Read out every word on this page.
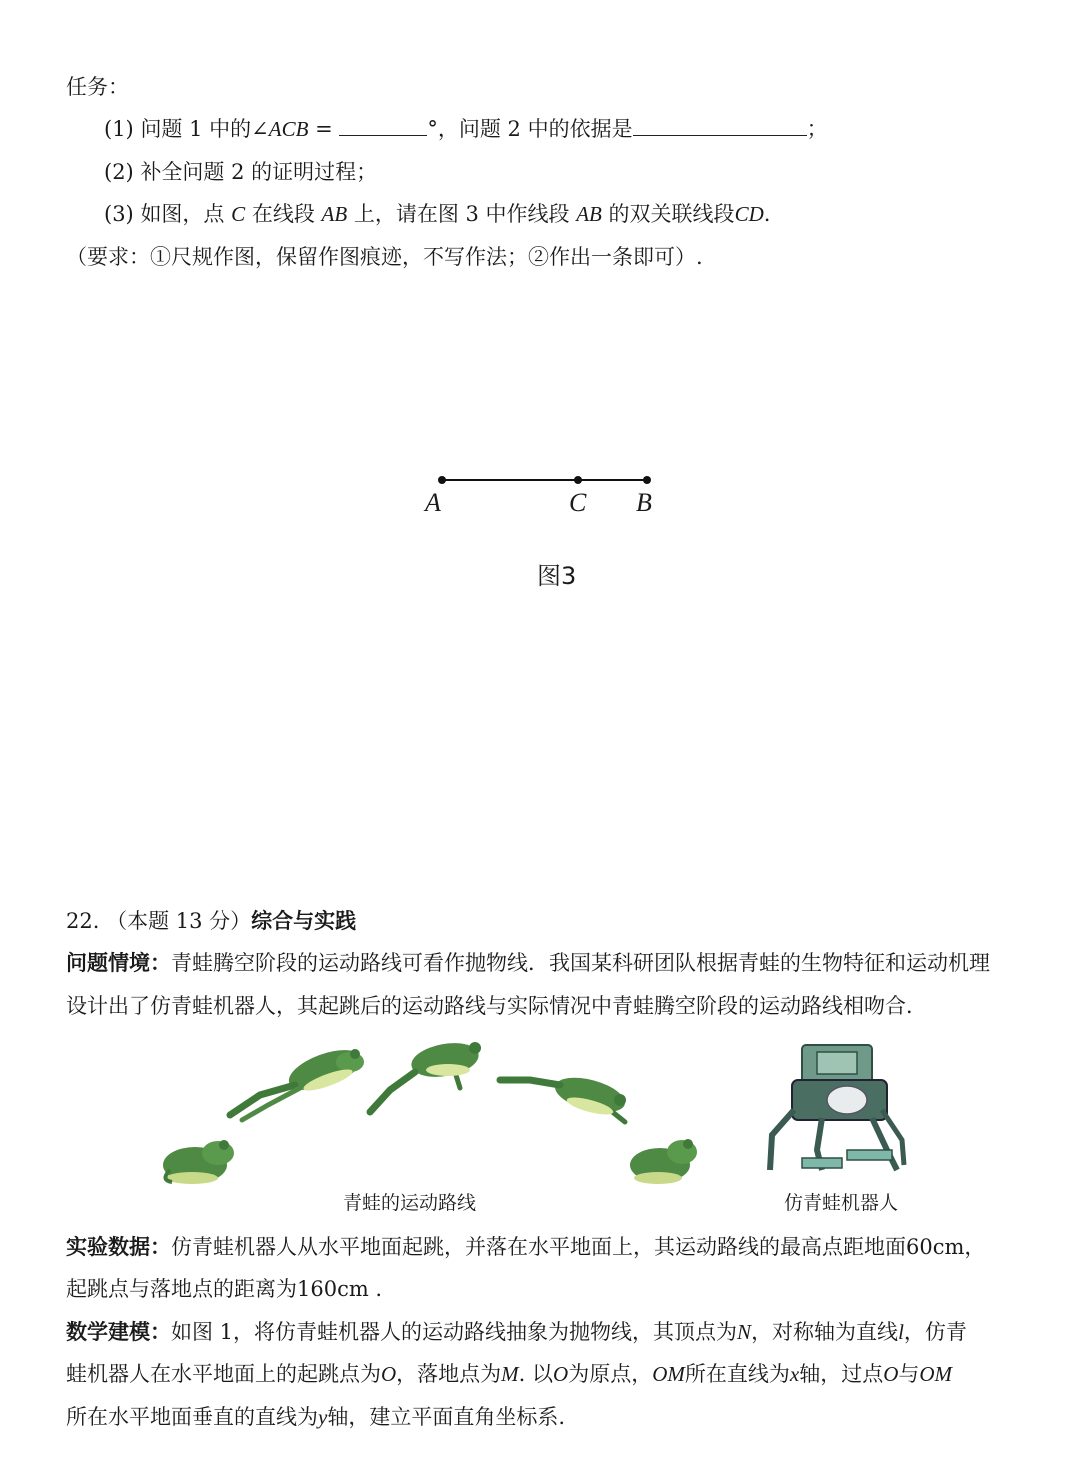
任务：
(1) 问题 1 中的∠ACB =	°，问题 2 中的依据是	；
(2) 补全问题 2 的证明过程；
(3) 如图，点 C 在线段 AB 上，请在图 3 中作线段 AB 的双关联线段CD.
（要求：①尺规作图，保留作图痕迹，不写作法；②作出一条即可）.
A	C B
图3
22. （本题 13 分）综合与实践
问题情境：青蛙腾空阶段的运动路线可看作抛物线．我国某科研团队根据青蛙的生物特征和运动机理
设计出了仿青蛙机器人，其起跳后的运动路线与实际情况中青蛙腾空阶段的运动路线相吻合．
青蛙的运动路线	仿青蛙机器人
实验数据：仿青蛙机器人从水平地面起跳，并落在水平地面上，其运动路线的最高点距地面60cm，
起跳点与落地点的距离为160cm .
数学建模：如图 1，将仿青蛙机器人的运动路线抽象为抛物线，其顶点为N，对称轴为直线l，仿青
蛙机器人在水平地面上的起跳点为O，落地点为M. 以O为原点，OM所在直线为x轴，过点O与OM
所在水平地面垂直的直线为y轴，建立平面直角坐标系.
